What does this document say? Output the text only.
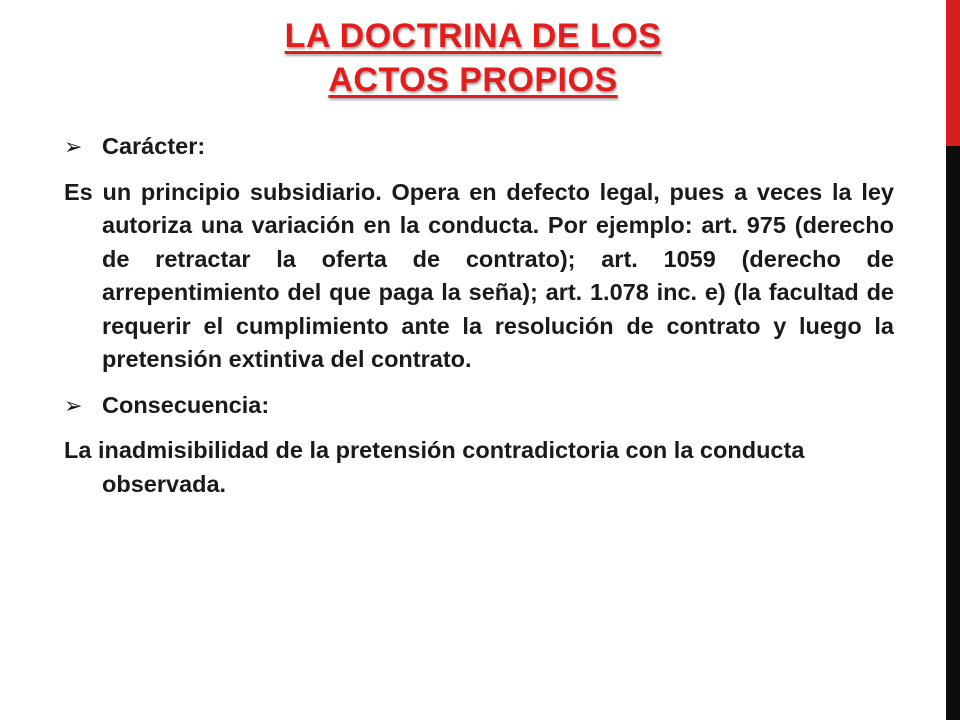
LA DOCTRINA DE LOS
ACTOS PROPIOS
➢ Carácter:
Es un principio subsidiario. Opera en defecto legal, pues a veces la ley autoriza una variación en la conducta. Por ejemplo: art. 975 (derecho de retractar la oferta de contrato); art. 1059 (derecho de arrepentimiento del que paga la seña); art. 1.078 inc. e) (la facultad de requerir el cumplimiento ante la resolución de contrato y luego la pretensión extintiva del contrato.
➢ Consecuencia:
La inadmisibilidad de la pretensión contradictoria con la conducta observada.
